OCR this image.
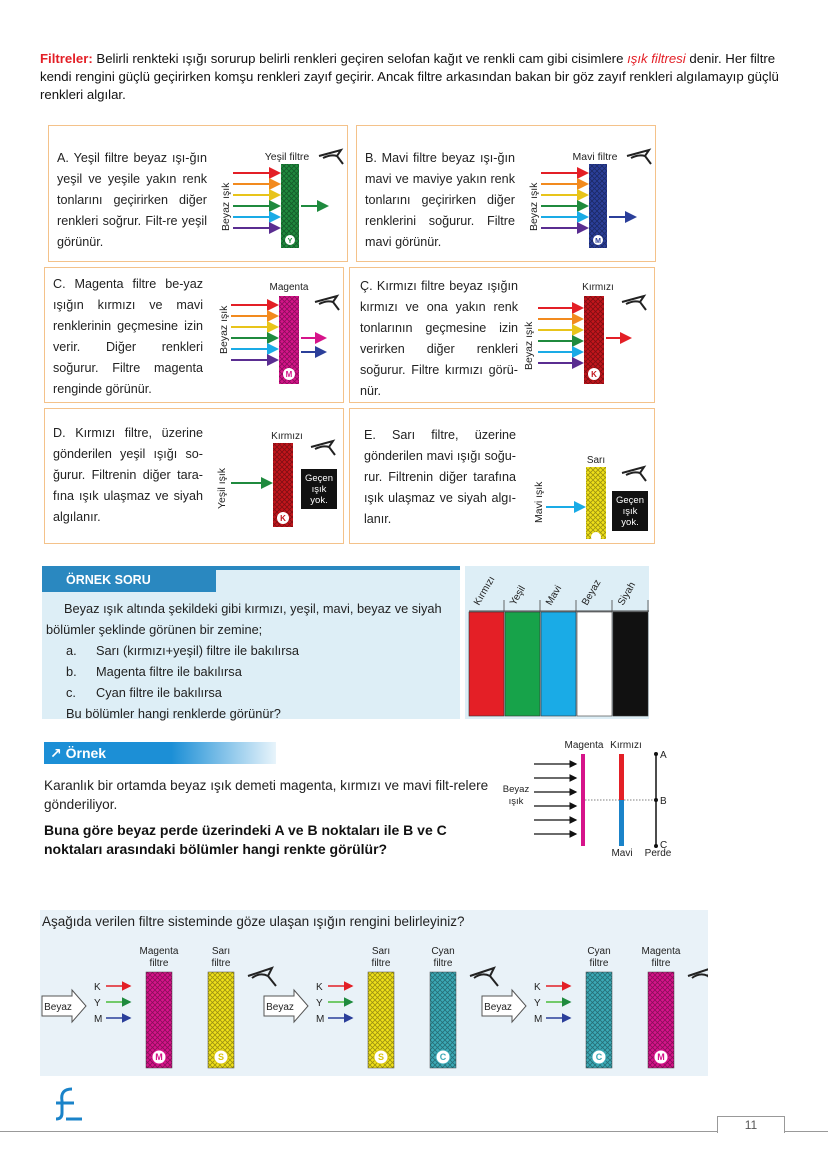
Filtreler: Belirli renkteki ışığı sorurup belirli renkleri geçiren selofan kağıt ve renkli cam gibi cisimlere ışık filtresi denir. Her filtre kendi rengini güçlü geçirirken komşu renkleri zayıf geçirir. Ancak filtre arkasından bakan bir göz zayıf renkleri algılamayıp güçlü renkleri algılar.
A. Yeşil filtre beyaz ışı-ğın yeşil ve yeşile yakın renk tonlarını geçirirken diğer renkleri soğrur. Filt-re yeşil görünür.
Yeşil filtre
Beyaz ışık
Y
B. Mavi filtre beyaz ışı-ğın mavi ve maviye yakın renk tonlarını geçirirken diğer renklerini soğurur. Filtre mavi görünür.
Mavi filtre
Beyaz ışık
M
C. Magenta filtre be-yaz ışığın kırmızı ve mavi renklerinin geçmesine izin verir. Diğer renkleri soğurur. Filtre magenta renginde görünür.
Magenta
Beyaz ışık
M
Ç. Kırmızı filtre beyaz ışığın kırmızı ve ona yakın renk tonlarının geçmesine izin verirken diğer renkleri soğurur. Filtre kırmızı görü-nür.
Kırmızı
Beyaz ışık
K
D. Kırmızı filtre, üzerine gönderilen yeşil ışığı so-ğurur. Filtrenin diğer tara-fına ışık ulaşmaz ve siyah algılanır.
Kırmızı
Yeşil ışık
K
Geçen
ışık
yok.
E. Sarı filtre, üzerine gönderilen mavi ışığı soğu-rur. Filtrenin diğer tarafına ışık ulaşmaz ve siyah algı-lanır.
Sarı
Mavi ışık	Geçen
ışık
yok.
ÖRNEK SORU

Beyaz ışık altında şekildeki gibi kırmızı, yeşil, mavi, beyaz ve siyah bölümler şeklinde görünen bir zemine;

a. Sarı (kırmızı+yeşil) filtre ile bakılırsa

b. Magenta filtre ile bakılırsa

c. Cyan filtre ile bakılırsa

Bu bölümler hangi renklerde görünür?

Kırmızı Yeşil Mavi Beyaz Siyah
↗ Örnek
Karanlık bir ortamda beyaz ışık demeti magenta, kırmızı ve mavi filt-relere gönderiliyor.
Buna göre beyaz perde üzerindeki A ve B noktaları ile B ve C noktaları arasındaki bölümler hangi renkte görülür?
Magenta Kırmızı
Beyaz
ışık
A
B
C
Mavi Perde
Aşağıda verilen filtre sisteminde göze ulaşan ışığın rengini belirleyiniz?
Beyaz
K
Y
M
Magenta
filtre
M
Sarı
filtre
S
Beyaz
K
Y
M
Sarı
filtre
S
Cyan
filtre
C
Beyaz
K
Y
M
Cyan
filtre
C
Magenta
filtre
M
11
